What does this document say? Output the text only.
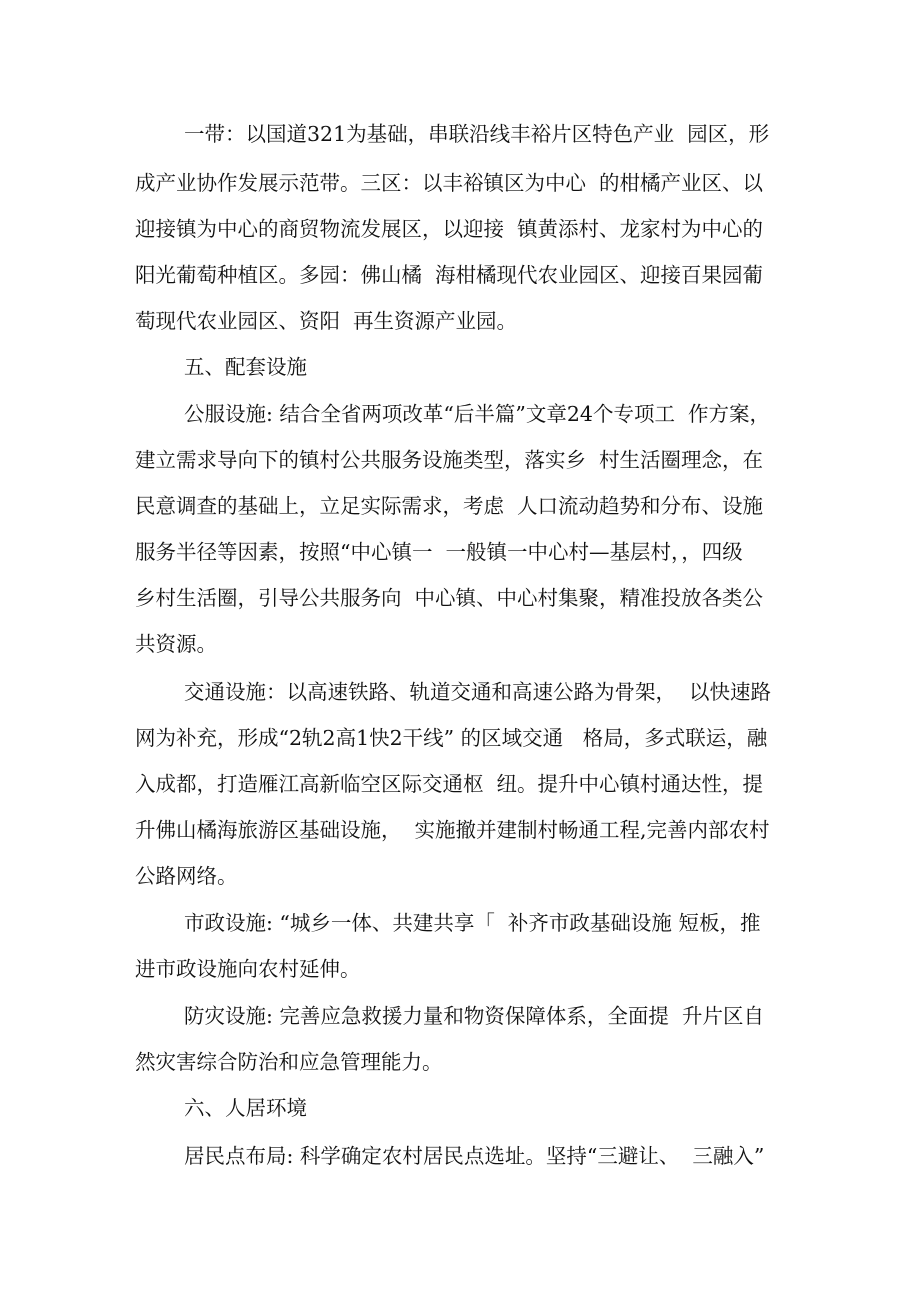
一带：以国道321为基础，串联沿线丰裕片区特色产业  园区，形
成产业协作发展示范带。三区：以丰裕镇区为中心  的柑橘产业区、以
迎接镇为中心的商贸物流发展区，以迎接  镇黄添村、龙家村为中心的
阳光葡萄种植区。多园：佛山橘  海柑橘现代农业园区、迎接百果园葡
萄现代农业园区、资阳  再生资源产业园。
五、配套设施
公服设施: 结合全省两项改革“后半篇”文章24个专项工  作方案，
建立需求导向下的镇村公共服务设施类型，落实乡  村生活圈理念，在
民意调查的基础上，立足实际需求，考虑  人口流动趋势和分布、设施
服务半径等因素，按照“中心镇一  一般镇一中心村—基层村，，四级
乡村生活圈，引导公共服务向  中心镇、中心村集聚，精准投放各类公
共资源。
交通设施：以高速铁路、轨道交通和高速公路为骨架，  以快速路
网为补充，形成“2轨2高1快2干线” 的区域交通   格局，多式联运，融
入成都，打造雁江高新临空区际交通枢  纽。提升中心镇村通达性，提
升佛山橘海旅游区基础设施，  实施撤并建制村畅通工程,完善内部农村
公路网络。
市政设施: “城乡一体、共建共享「  补齐市政基础设施 短板，推
进市政设施向农村延伸。
防灾设施: 完善应急救援力量和物资保障体系，全面提  升片区自
然灾害综合防治和应急管理能力。
六、人居环境
居民点布局: 科学确定农村居民点选址。坚持“三避让、  三融入”
